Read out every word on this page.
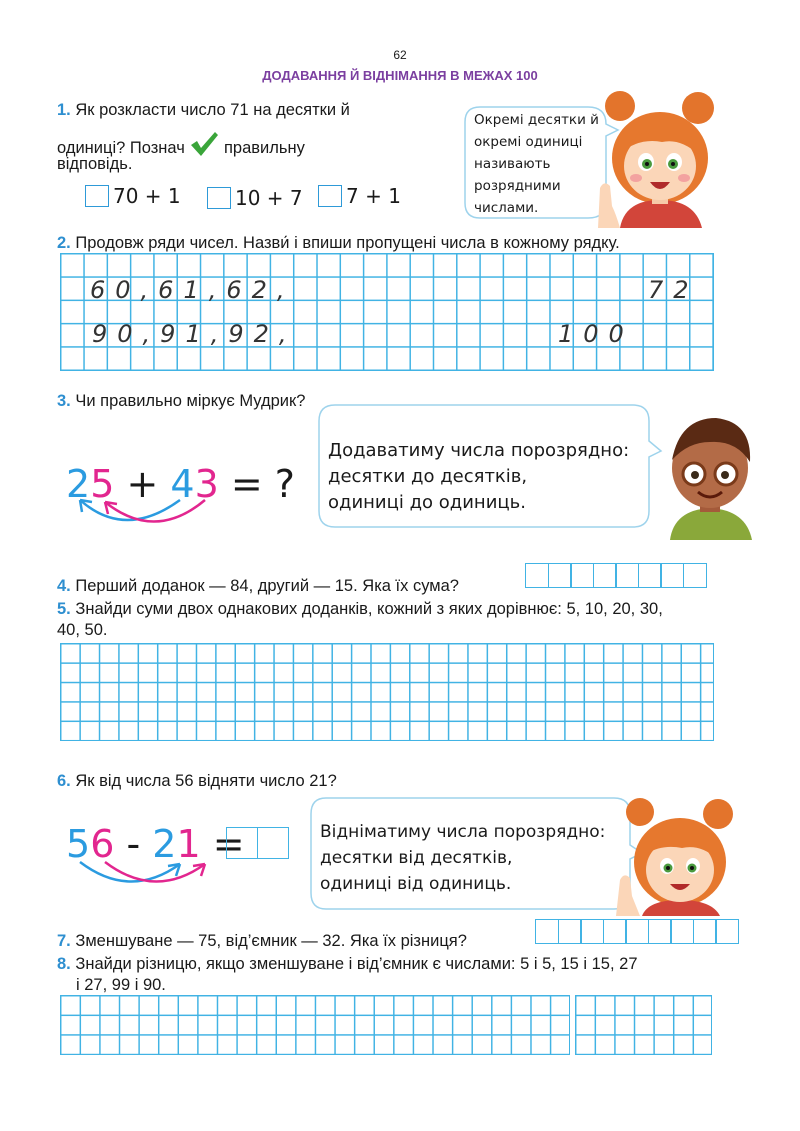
62
ДОДАВАННЯ Й ВІДНІМАННЯ В МЕЖАХ 100
1. Як розкласти число 71 на десятки й
одиниці? Познач правильну
відповідь.
70 + 1	10 + 7 7 + 1
Окремі десятки й
окремі одиниці
називають
розрядними
числами.
2. Продовж ряди чисел. Назви́ і впиши пропущені числа в кожному рядку.
60,61,62,	72
90,91,92,	100
3. Чи правильно міркує Мудрик?
25 + 43 = ?
Додаватиму числа порозрядно:
десятки до десятків,
одиниці до одиниць.
4. Перший доданок — 84, другий — 15. Яка їх сума?
5. Знайди суми двох однакових доданків, кожний з яких дорівнює: 5, 10, 20, 30,
40, 50.
6. Як від числа 56 відняти число 21?
56 - 21 =	Відніматиму числа порозрядно:
десятки від десятків,
одиниці від одиниць.
7. Зменшуване — 75, від’ємник — 32. Яка їх різниця?
8. Знайди різницю, якщо зменшуване і від’ємник є числами: 5 і 5, 15 і 15, 27
і 27, 99 і 90.
